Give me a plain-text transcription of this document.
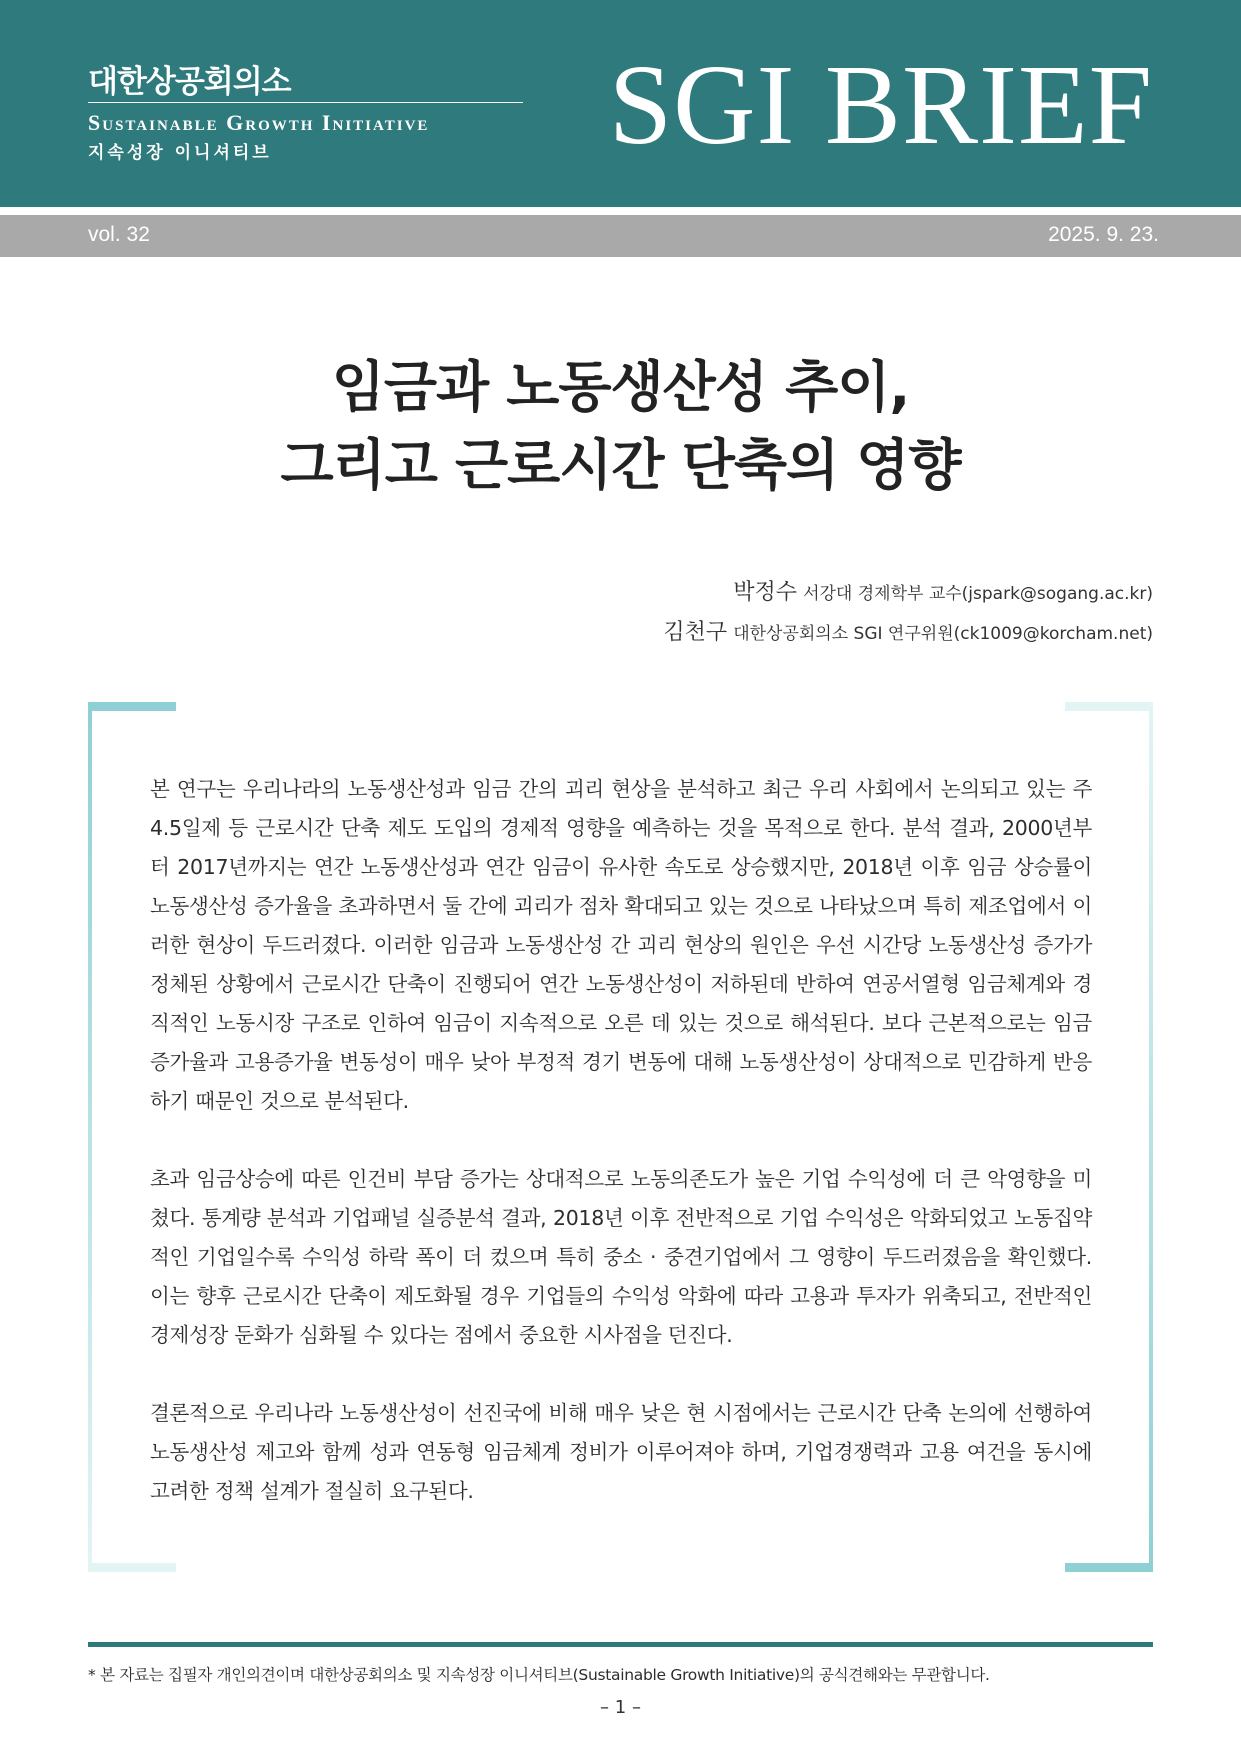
대한상공회의소
Sustainable Growth Initiative
지속성장 이니셔티브	SGI BRIEF
vol. 32	2025. 9. 23.
임금과 노동생산성 추이,
그리고 근로시간 단축의 영향
박정수 서강대 경제학부 교수(jspark@sogang.ac.kr)
김천구 대한상공회의소 SGI 연구위원(ck1009@korcham.net)

본 연구는 우리나라의 노동생산성과 임금 간의 괴리 현상을 분석하고 최근 우리 사회에서 논의되고 있는 주 4.5일제 등 근로시간 단축 제도 도입의 경제적 영향을 예측하는 것을 목적으로 한다. 분석 결과, 2000년부터 2017년까지는 연간 노동생산성과 연간 임금이 유사한 속도로 상승했지만, 2018년 이후 임금 상승률이 노동생산성 증가율을 초과하면서 둘 간에 괴리가 점차 확대되고 있는 것으로 나타났으며 특히 제조업에서 이러한 현상이 두드러졌다. 이러한 임금과 노동생산성 간 괴리 현상의 원인은 우선 시간당 노동생산성 증가가 정체된 상황에서 근로시간 단축이 진행되어 연간 노동생산성이 저하된데 반하여 연공서열형 임금체계와 경직적인 노동시장 구조로 인하여 임금이 지속적으로 오른 데 있는 것으로 해석된다. 보다 근본적으로는 임금증가율과 고용증가율 변동성이 매우 낮아 부정적 경기 변동에 대해 노동생산성이 상대적으로 민감하게 반응하기 때문인 것으로 분석된다.

초과 임금상승에 따른 인건비 부담 증가는 상대적으로 노동의존도가 높은 기업 수익성에 더 큰 악영향을 미쳤다. 통계량 분석과 기업패널 실증분석 결과, 2018년 이후 전반적으로 기업 수익성은 악화되었고 노동집약적인 기업일수록 수익성 하락 폭이 더 컸으며 특히 중소 · 중견기업에서 그 영향이 두드러졌음을 확인했다. 이는 향후 근로시간 단축이 제도화될 경우 기업들의 수익성 악화에 따라 고용과 투자가 위축되고, 전반적인 경제성장 둔화가 심화될 수 있다는 점에서 중요한 시사점을 던진다.

결론적으로 우리나라 노동생산성이 선진국에 비해 매우 낮은 현 시점에서는 근로시간 단축 논의에 선행하여 노동생산성 제고와 함께 성과 연동형 임금체계 정비가 이루어져야 하며, 기업경쟁력과 고용 여건을 동시에 고려한 정책 설계가 절실히 요구된다.

* 본 자료는 집필자 개인의견이며 대한상공회의소 및 지속성장 이니셔티브(Sustainable Growth Initiative)의 공식견해와는 무관합니다.
– 1 –
